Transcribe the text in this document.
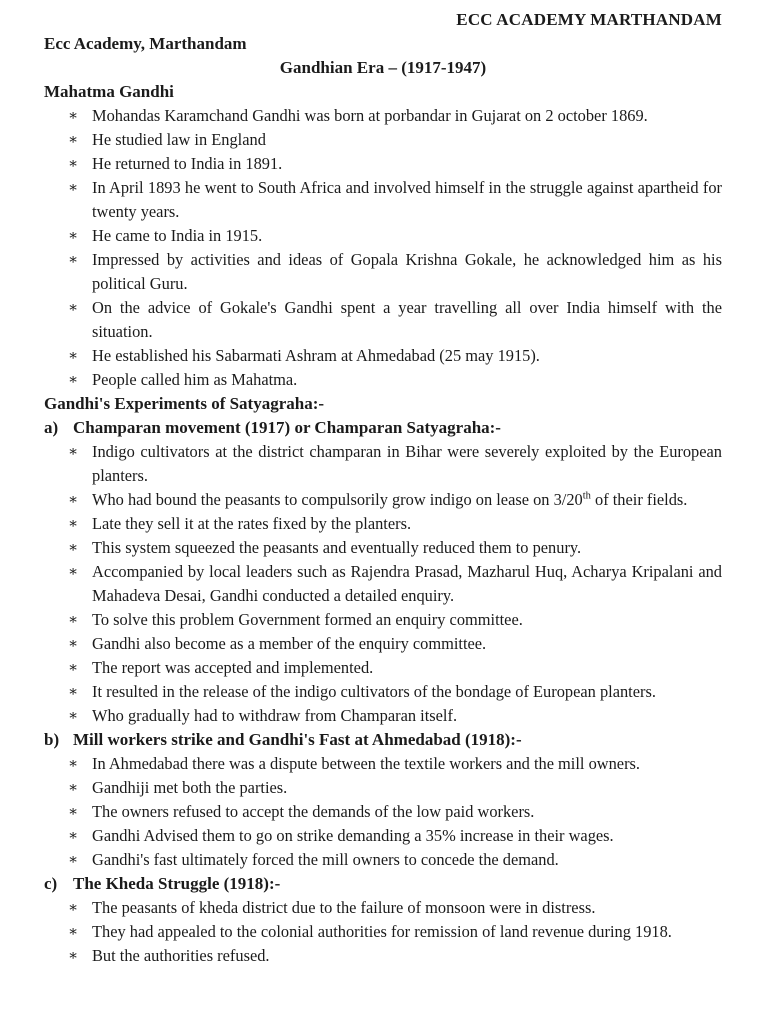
ECC ACADEMY MARTHANDAM

Ecc Academy, Marthandam

Gandhian Era – (1917-1947)

Mahatma Gandhi

∗ Mohandas Karamchand Gandhi was born at porbandar in Gujarat on 2 october 1869.

∗ He studied law in England

∗ He returned to India in 1891.

∗ In April 1893 he went to South Africa and involved himself in the struggle against apartheid for twenty years.

∗ He came to India in 1915.

∗ Impressed by activities and ideas of Gopala Krishna Gokale, he acknowledged him as his political Guru.

∗ On the advice of Gokale's Gandhi spent a year travelling all over India himself with the situation.

∗ He established his Sabarmati Ashram at Ahmedabad (25 may 1915).

∗ People called him as Mahatma.

Gandhi's Experiments of Satyagraha:-

a) Champaran movement (1917) or Champaran Satyagraha:-

∗ Indigo cultivators at the district champaran in Bihar were severely exploited by the European planters.

∗ Who had bound the peasants to compulsorily grow indigo on lease on 3/20th of their fields.

∗ Late they sell it at the rates fixed by the planters.

∗ This system squeezed the peasants and eventually reduced them to penury.

∗ Accompanied by local leaders such as Rajendra Prasad, Mazharul Huq, Acharya Kripalani and Mahadeva Desai, Gandhi conducted a detailed enquiry.

∗ To solve this problem Government formed an enquiry committee.

∗ Gandhi also become as a member of the enquiry committee.

∗ The report was accepted and implemented.

∗ It resulted in the release of the indigo cultivators of the bondage of European planters.

∗ Who gradually had to withdraw from Champaran itself.

b) Mill workers strike and Gandhi's Fast at Ahmedabad (1918):-

∗ In Ahmedabad there was a dispute between the textile workers and the mill owners.

∗ Gandhiji met both the parties.

∗ The owners refused to accept the demands of the low paid workers.

∗ Gandhi Advised them to go on strike demanding a 35% increase in their wages.

∗ Gandhi's fast ultimately forced the mill owners to concede the demand.

c) The Kheda Struggle (1918):-

∗ The peasants of kheda district due to the failure of monsoon were in distress.

∗ They had appealed to the colonial authorities for remission of land revenue during 1918.

∗ But the authorities refused.
